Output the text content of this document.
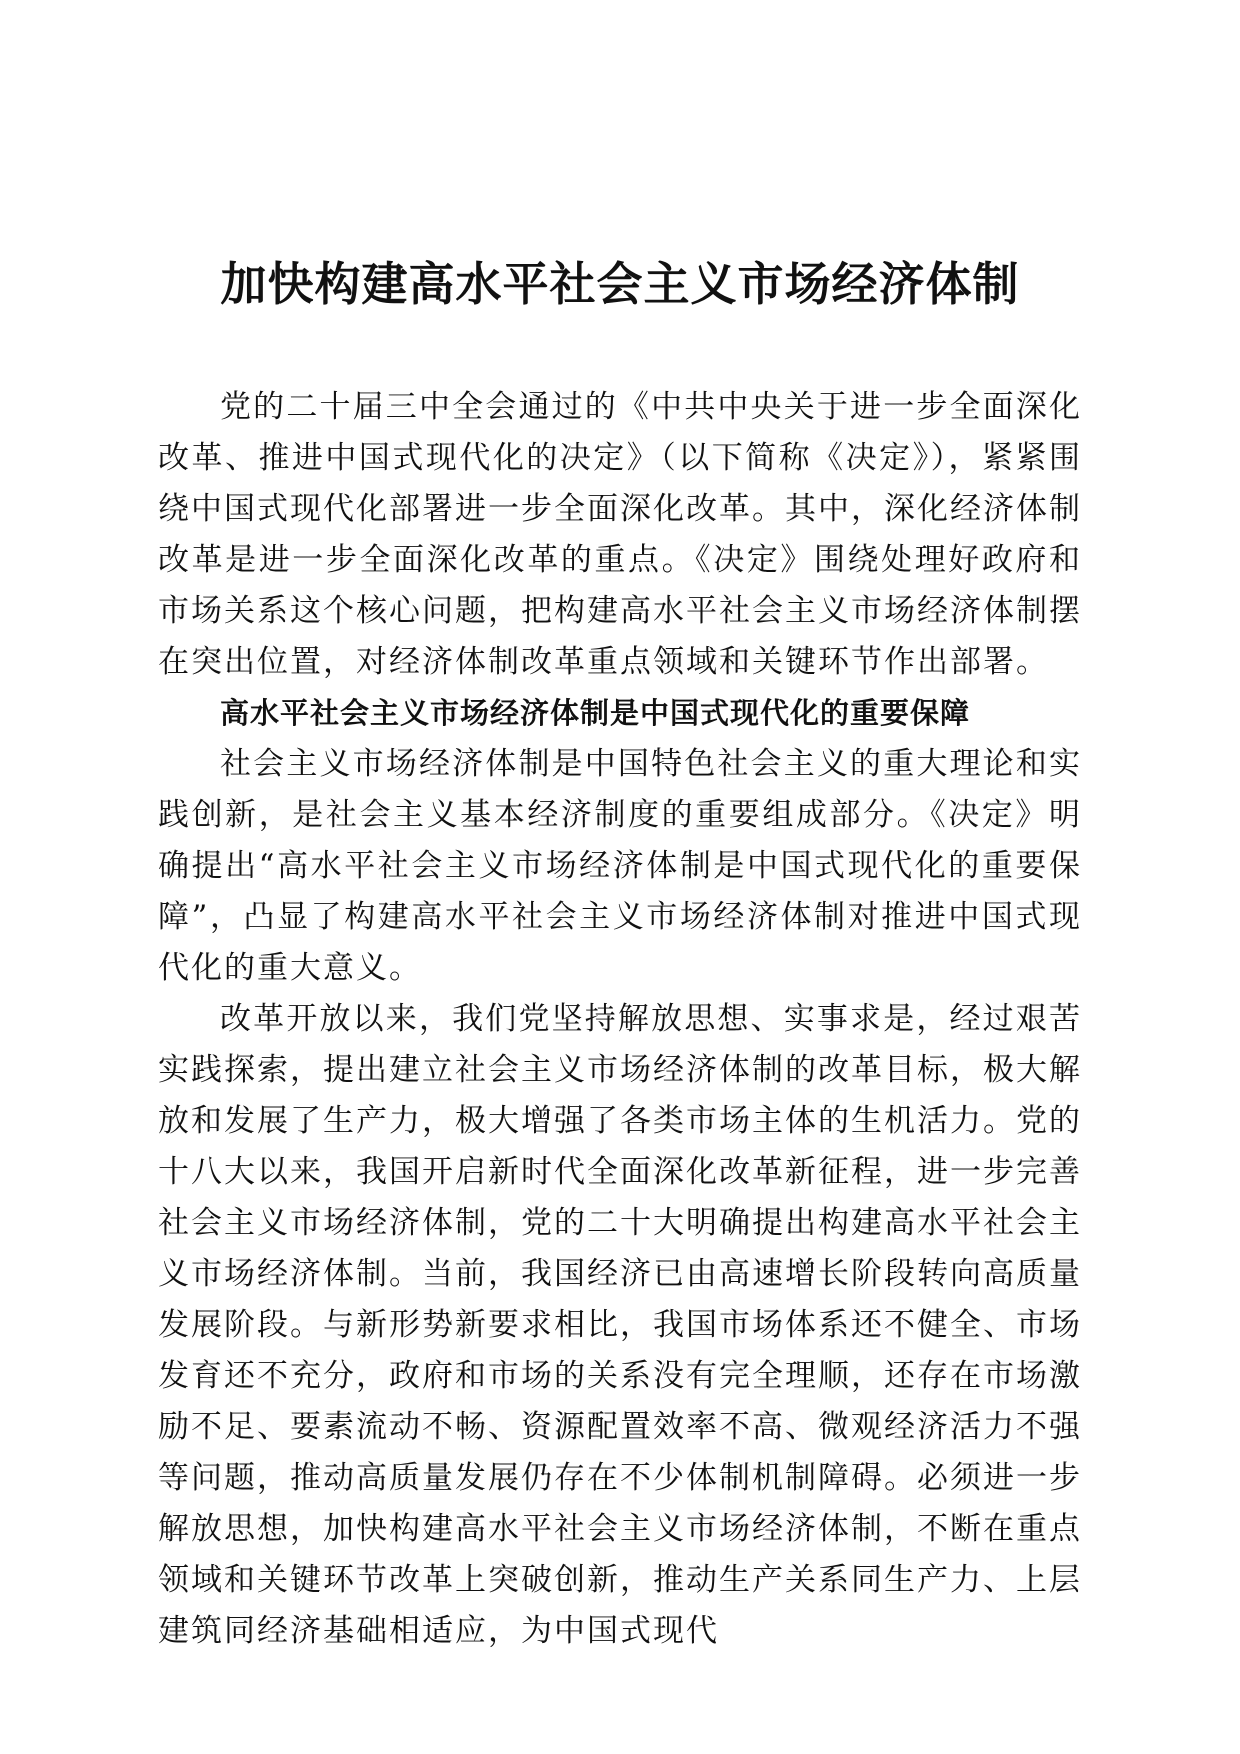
加快构建高水平社会主义市场经济体制

党的二十届三中全会通过的《中共中央关于进一步全面深化改革、推进中国式现代化的决定》（以下简称《决定》），紧紧围绕中国式现代化部署进一步全面深化改革。其中，深化经济体制改革是进一步全面深化改革的重点。《决定》围绕处理好政府和市场关系这个核心问题，把构建高水平社会主义市场经济体制摆在突出位置，对经济体制改革重点领域和关键环节作出部署。

高水平社会主义市场经济体制是中国式现代化的重要保障

社会主义市场经济体制是中国特色社会主义的重大理论和实践创新，是社会主义基本经济制度的重要组成部分。《决定》明确提出“高水平社会主义市场经济体制是中国式现代化的重要保障”，凸显了构建高水平社会主义市场经济体制对推进中国式现代化的重大意义。

改革开放以来，我们党坚持解放思想、实事求是，经过艰苦实践探索，提出建立社会主义市场经济体制的改革目标，极大解放和发展了生产力，极大增强了各类市场主体的生机活力。党的十八大以来，我国开启新时代全面深化改革新征程，进一步完善社会主义市场经济体制，党的二十大明确提出构建高水平社会主义市场经济体制。当前，我国经济已由高速增长阶段转向高质量发展阶段。与新形势新要求相比，我国市场体系还不健全、市场发育还不充分，政府和市场的关系没有完全理顺，还存在市场激励不足、要素流动不畅、资源配置效率不高、微观经济活力不强等问题，推动高质量发展仍存在不少体制机制障碍。必须进一步解放思想，加快构建高水平社会主义市场经济体制，不断在重点领域和关键环节改革上突破创新，推动生产关系同生产力、上层建筑同经济基础相适应，为中国式现代
